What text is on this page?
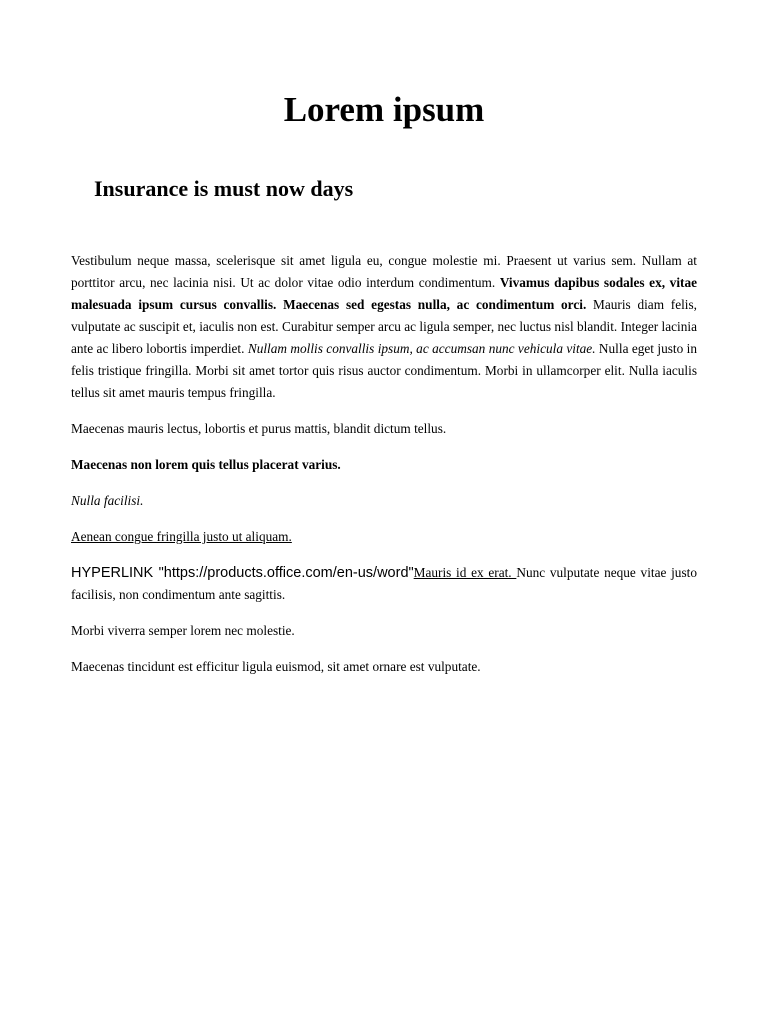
Lorem ipsum
Insurance is must now days

Vestibulum neque massa, scelerisque sit amet ligula eu, congue molestie mi. Praesent ut varius sem. Nullam at porttitor arcu, nec lacinia nisi. Ut ac dolor vitae odio interdum condimentum. Vivamus dapibus sodales ex, vitae malesuada ipsum cursus convallis. Maecenas sed egestas nulla, ac condimentum orci. Mauris diam felis, vulputate ac suscipit et, iaculis non est. Curabitur semper arcu ac ligula semper, nec luctus nisl blandit. Integer lacinia ante ac libero lobortis imperdiet. Nullam mollis convallis ipsum, ac accumsan nunc vehicula vitae. Nulla eget justo in felis tristique fringilla. Morbi sit amet tortor quis risus auctor condimentum. Morbi in ullamcorper elit. Nulla iaculis tellus sit amet mauris tempus fringilla.

Maecenas mauris lectus, lobortis et purus mattis, blandit dictum tellus.

Maecenas non lorem quis tellus placerat varius.

Nulla facilisi.

Aenean congue fringilla justo ut aliquam.

HYPERLINK "https://products.office.com/en-us/word"Mauris id ex erat. Nunc vulputate neque vitae justo facilisis, non condimentum ante sagittis.

Morbi viverra semper lorem nec molestie.

Maecenas tincidunt est efficitur ligula euismod, sit amet ornare est vulputate.
